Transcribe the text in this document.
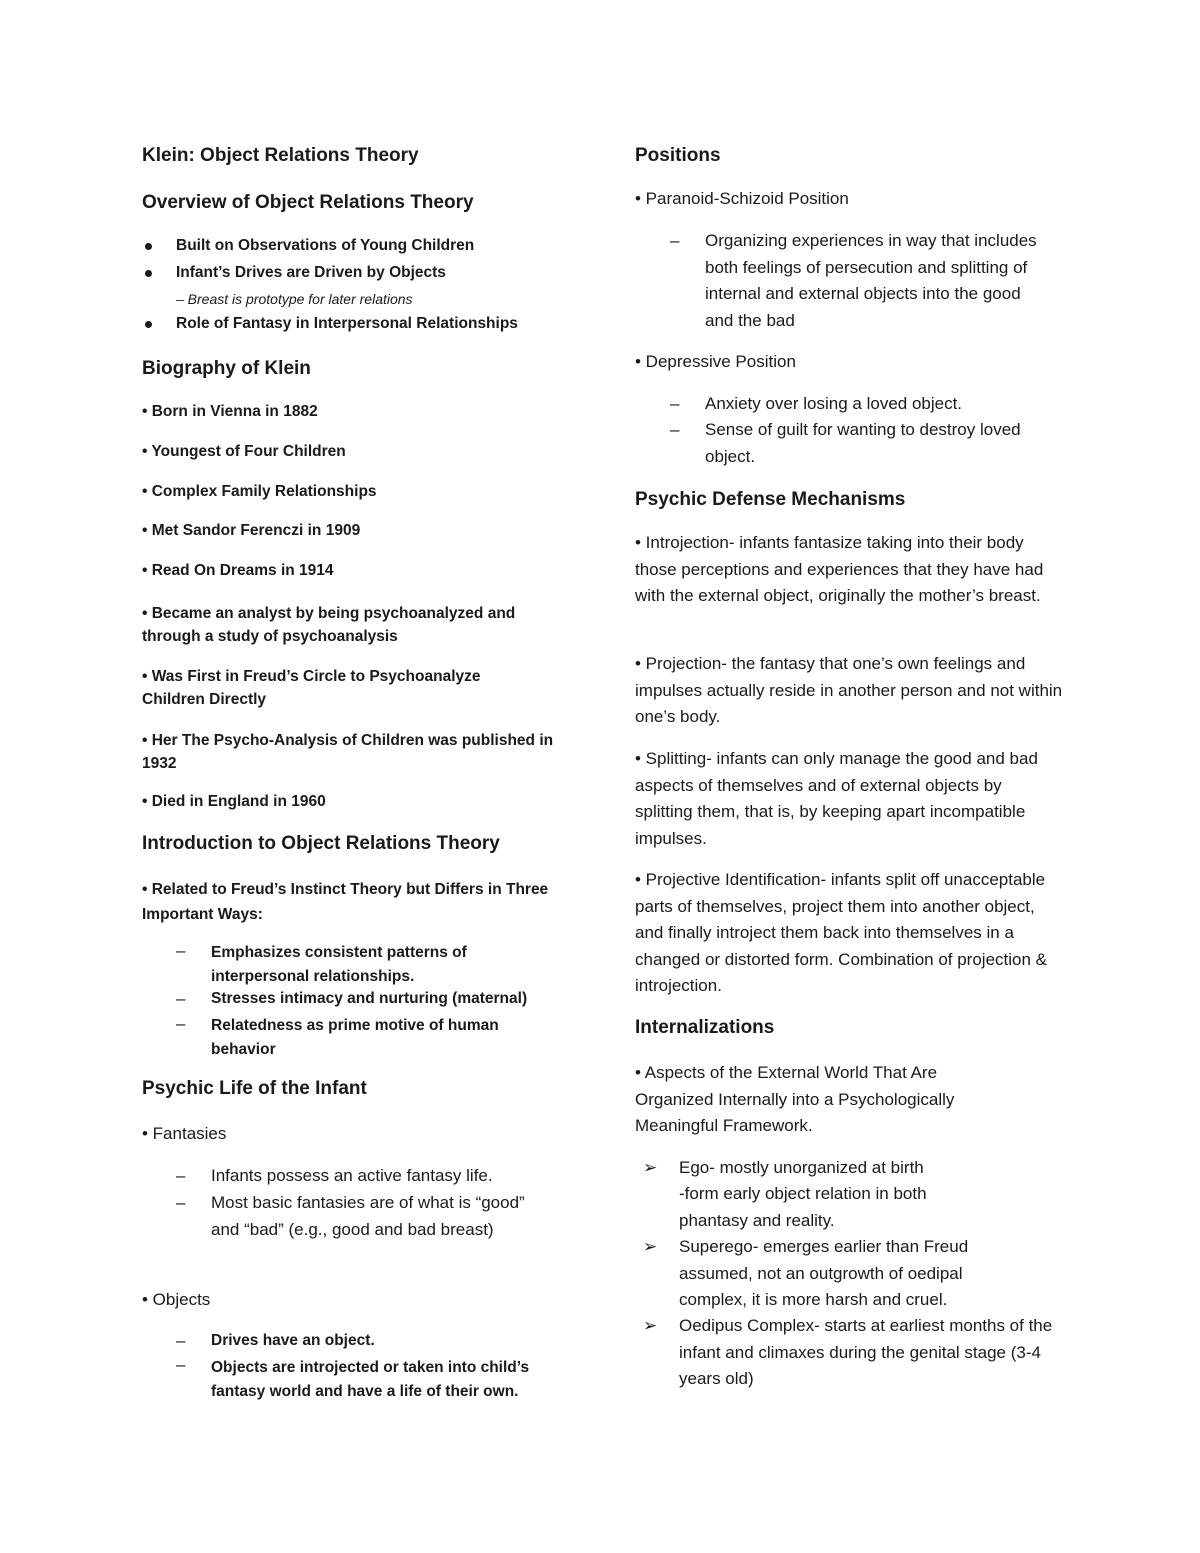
Klein: Object Relations Theory
Overview of Object Relations Theory
Built on Observations of Young Children
Infant’s Drives are Driven by Objects
– Breast is prototype for later relations
Role of Fantasy in Interpersonal Relationships
Biography of Klein
• Born in Vienna in 1882
• Youngest of Four Children
• Complex Family Relationships
• Met Sandor Ferenczi in 1909
• Read On Dreams in 1914
• Became an analyst by being psychoanalyzed and through a study of psychoanalysis
• Was First in Freud’s Circle to Psychoanalyze Children Directly
• Her The Psycho-Analysis of Children was published in 1932
• Died in England in 1960
Introduction to Object Relations Theory
• Related to Freud’s Instinct Theory but Differs in Three Important Ways:
– Emphasizes consistent patterns of interpersonal relationships.
– Stresses intimacy and nurturing (maternal)
– Relatedness as prime motive of human behavior
Psychic Life of the Infant
• Fantasies
– Infants possess an active fantasy life.
– Most basic fantasies are of what is “good” and “bad” (e.g., good and bad breast)
• Objects
– Drives have an object.
– Objects are introjected or taken into child’s fantasy world and have a life of their own.
Positions
• Paranoid-Schizoid Position
– Organizing experiences in way that includes both feelings of persecution and splitting of internal and external objects into the good and the bad
• Depressive Position
– Anxiety over losing a loved object.
– Sense of guilt for wanting to destroy loved object.
Psychic Defense Mechanisms
• Introjection- infants fantasize taking into their body those perceptions and experiences that they have had with the external object, originally the mother’s breast.
• Projection- the fantasy that one’s own feelings and impulses actually reside in another person and not within one’s body.
• Splitting- infants can only manage the good and bad aspects of themselves and of external objects by splitting them, that is, by keeping apart incompatible impulses.
• Projective Identification- infants split off unacceptable parts of themselves, project them into another object, and finally introject them back into themselves in a changed or distorted form. Combination of projection & introjection.
Internalizations
• Aspects of the External World That Are Organized Internally into a Psychologically Meaningful Framework.
➢ Ego- mostly unorganized at birth
-form early object relation in both phantasy and reality.
➢ Superego- emerges earlier than Freud assumed, not an outgrowth of oedipal complex, it is more harsh and cruel.
➢ Oedipus Complex- starts at earliest months of the infant and climaxes during the genital stage (3-4 years old)
